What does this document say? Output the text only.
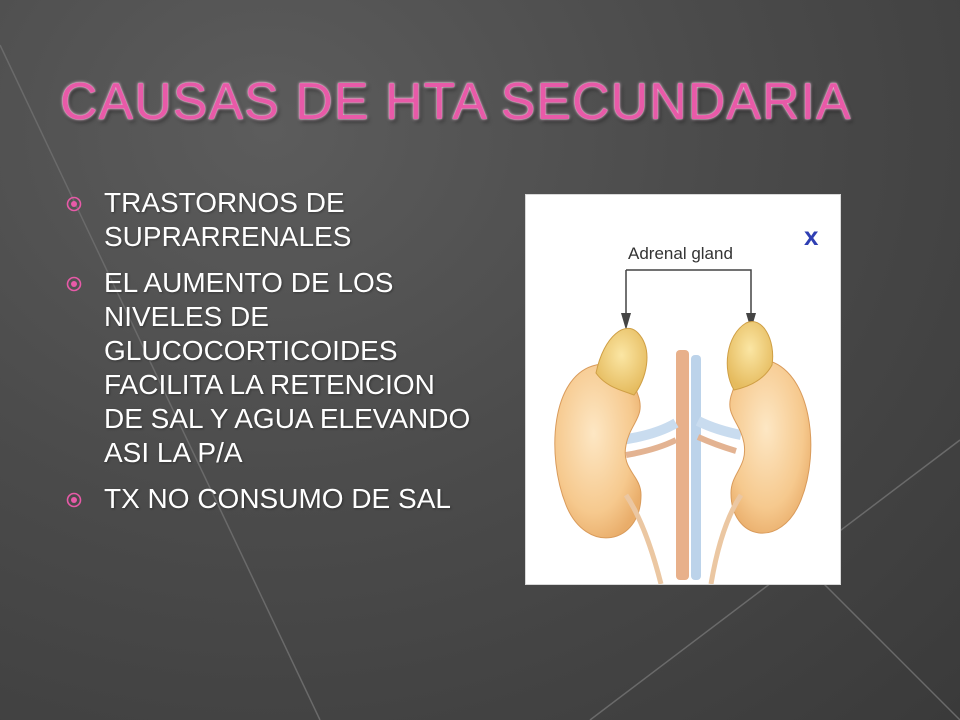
CAUSAS DE HTA SECUNDARIA
TRASTORNOS DE SUPRARRENALES
EL AUMENTO DE LOS NIVELES DE GLUCOCORTICOIDES FACILITA LA RETENCION DE SAL Y AGUA ELEVANDO ASI LA P/A
TX NO CONSUMO DE SAL
Adrenal gland
x
